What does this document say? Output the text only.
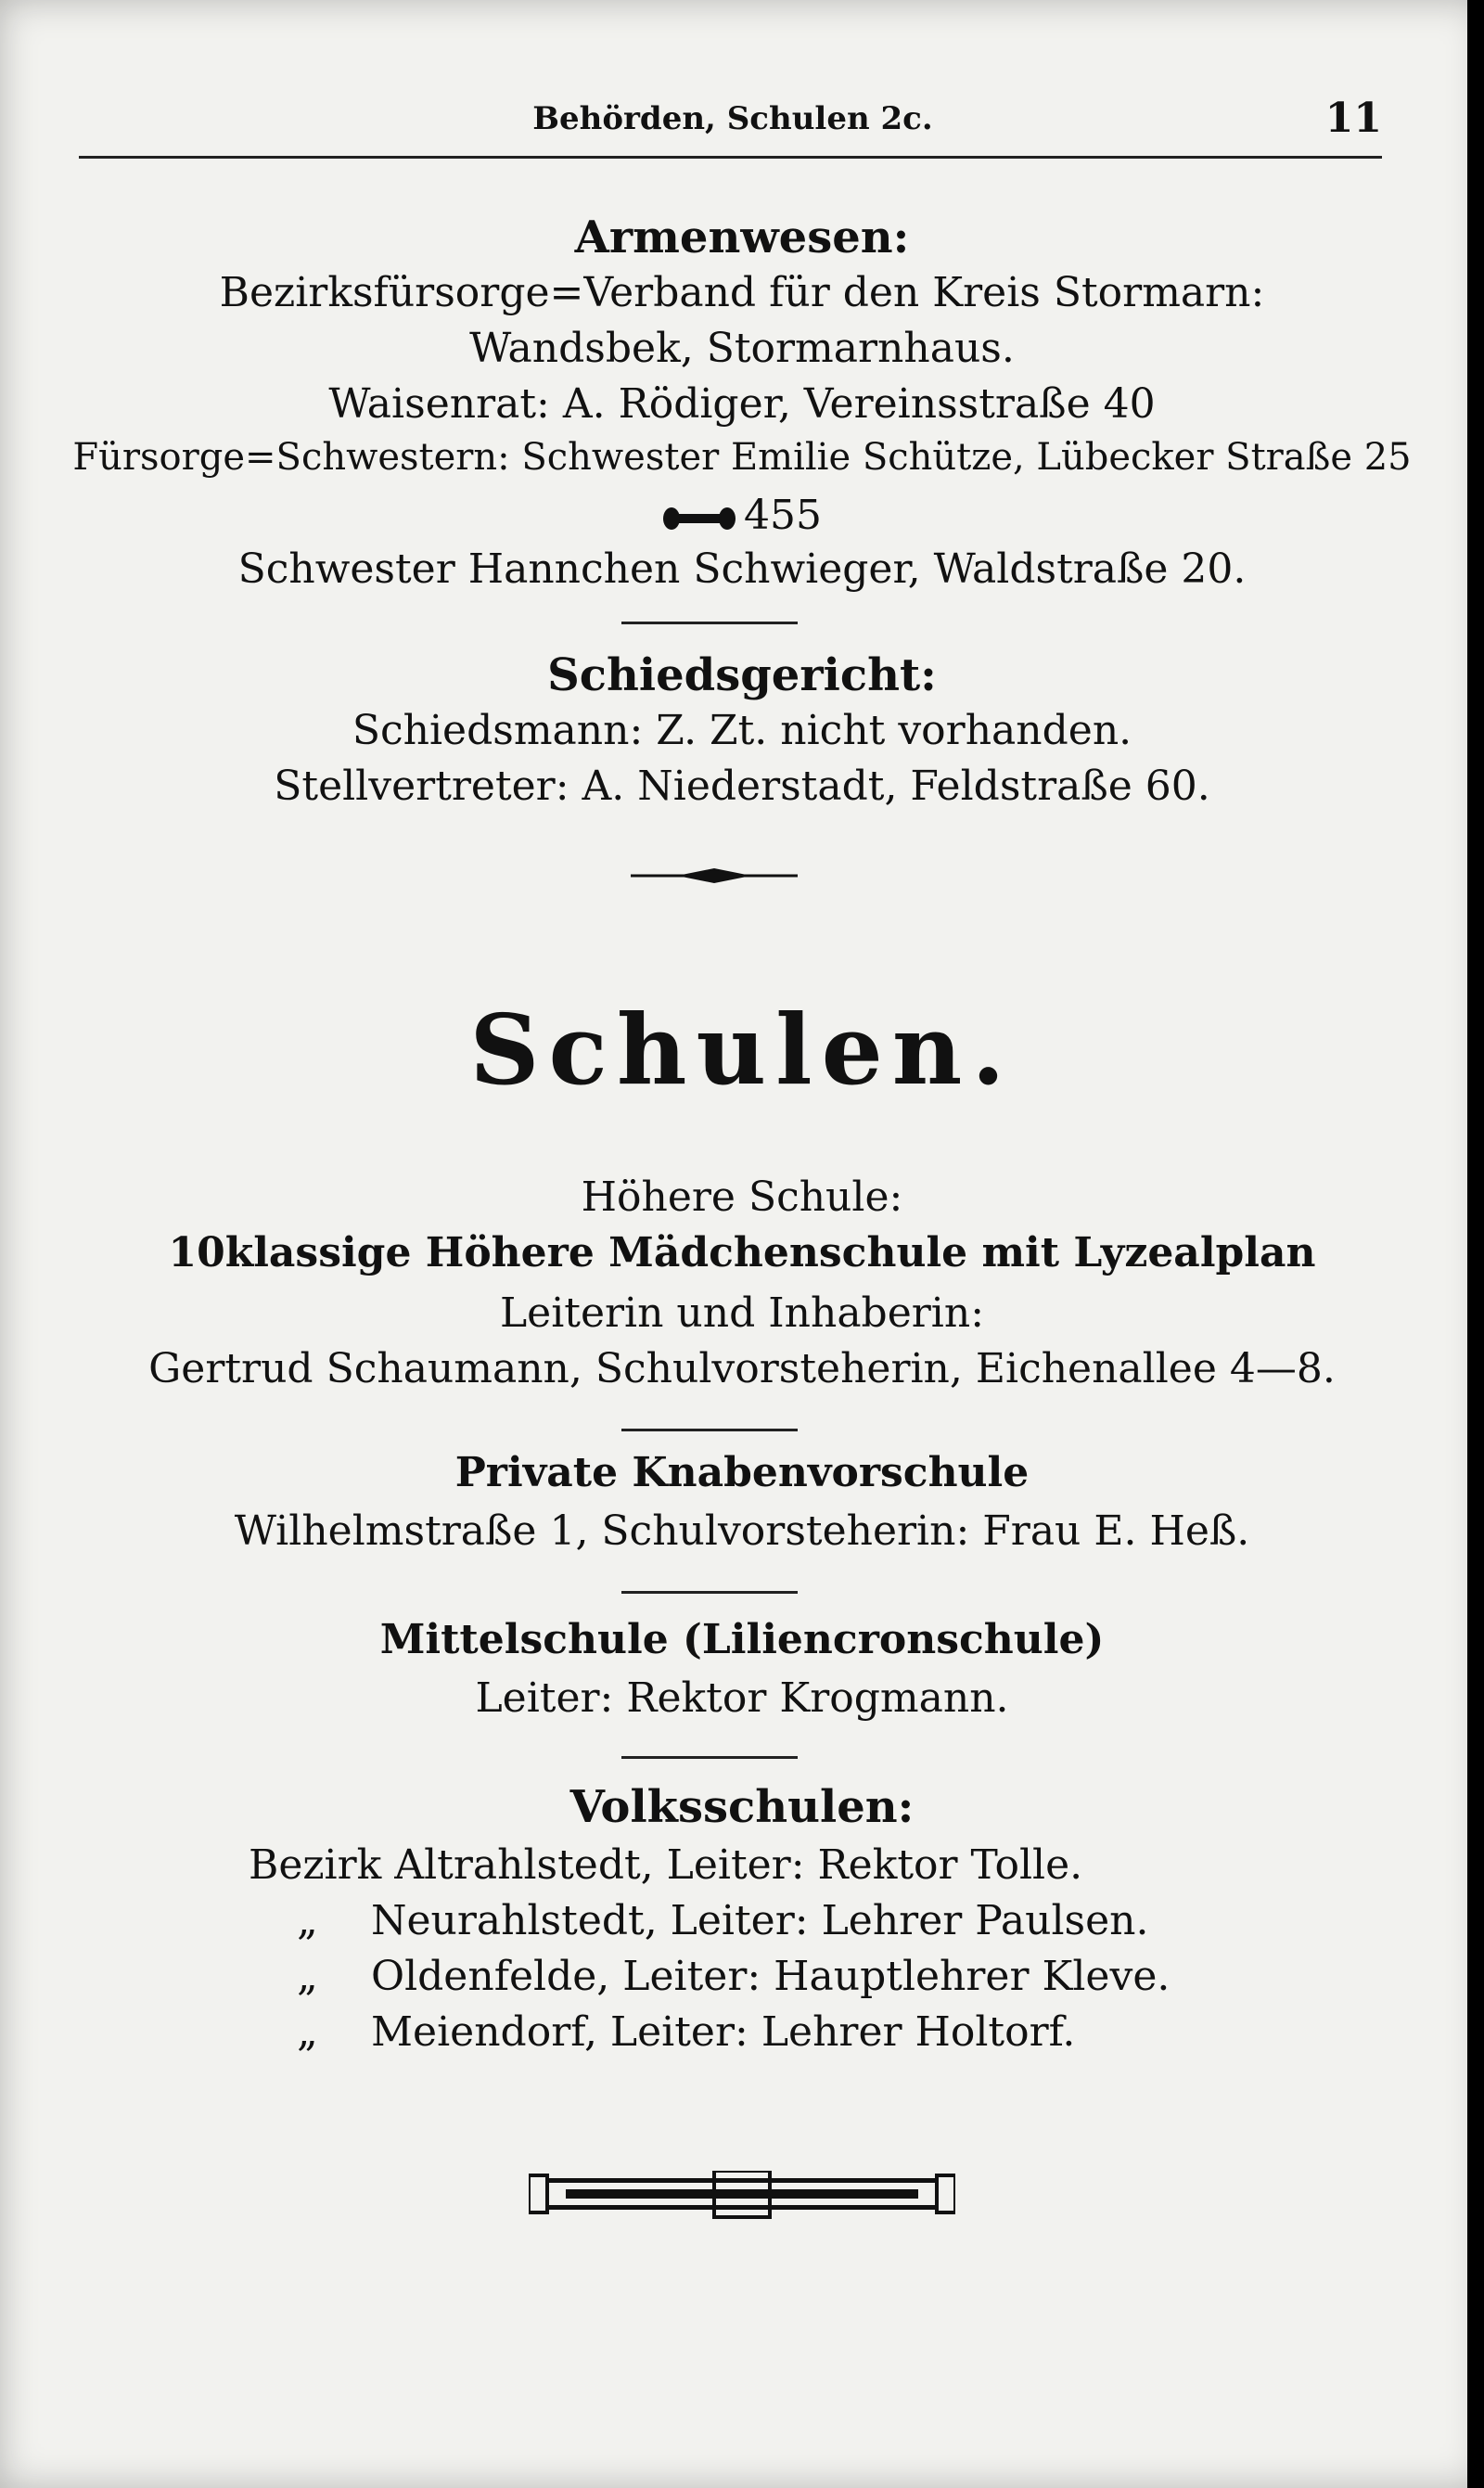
Behörden, Schulen 2c.	11
Armenwesen:
Bezirksfürsorge=Verband für den Kreis Stormarn:
Wandsbek, Stormarnhaus.
Waisenrat: A. Rödiger, Vereinsstraße 40
Fürsorge=Schwestern: Schwester Emilie Schütze, Lübecker Straße 25
455
Schwester Hannchen Schwieger, Waldstraße 20.
Schiedsgericht:
Schiedsmann: Z. Zt. nicht vorhanden.
Stellvertreter: A. Niederstadt, Feldstraße 60.
Schulen.
Höhere Schule:
10klassige Höhere Mädchenschule mit Lyzealplan
Leiterin und Inhaberin:
Gertrud Schaumann, Schulvorsteherin, Eichenallee 4—8.
Private Knabenvorschule
Wilhelmstraße 1, Schulvorsteherin: Frau E. Heß.
Mittelschule (Liliencronschule)
Leiter: Rektor Krogmann.
Volksschulen:
Bezirk Altrahlstedt, Leiter: Rektor Tolle.
„ Neurahlstedt, Leiter: Lehrer Paulsen.
„ Oldenfelde, Leiter: Hauptlehrer Kleve.
„ Meiendorf, Leiter: Lehrer Holtorf.
